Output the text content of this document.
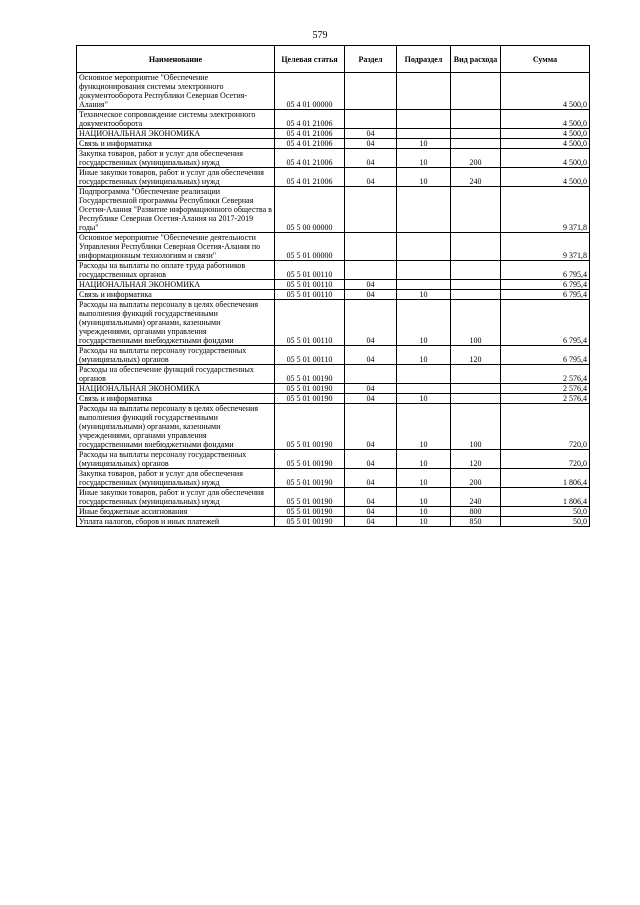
579
Наименование	Целевая статья	Раздел	Подраздел	Вид расхода	Сумма
Основное мероприятие "Обеспечение функционирования системы электронного документооборота Республики Северная Осетия-Алания"	05 4 01 00000				4 500,0
Техническое сопровождение системы электронного документооборота	05 4 01 21006				4 500,0
НАЦИОНАЛЬНАЯ ЭКОНОМИКА	05 4 01 21006	04			4 500,0
Связь и информатика	05 4 01 21006	04	10		4 500,0
Закупка товаров, работ и услуг для обеспечения государственных (муниципальных) нужд	05 4 01 21006	04	10	200	4 500,0
Иные закупки товаров, работ и услуг для обеспечения государственных (муниципальных) нужд	05 4 01 21006	04	10	240	4 500,0
Подпрограмма "Обеспечение реализации Государственной программы Республики Северная Осетия-Алания "Развитие информационного общества в Республике Северная Осетия-Алания на 2017-2019 годы"	05 5 00 00000				9 371,8
Основное мероприятие "Обеспечение деятельности Управления Республики Северная Осетия-Алания по информационным технологиям и связи"	05 5 01 00000				9 371,8
Расходы на выплаты по оплате труда работников государственных органов	05 5 01 00110				6 795,4
НАЦИОНАЛЬНАЯ ЭКОНОМИКА	05 5 01 00110	04			6 795,4
Связь и информатика	05 5 01 00110	04	10		6 795,4
Расходы на выплаты персоналу в целях обеспечения выполнения функций государственными (муниципальными) органами, казенными учреждениями, органами управления государственными внебюджетными фондами	05 5 01 00110	04	10	100	6 795,4
Расходы на выплаты персоналу государственных (муниципальных) органов	05 5 01 00110	04	10	120	6 795,4
Расходы на обеспечение функций государственных органов	05 5 01 00190				2 576,4
НАЦИОНАЛЬНАЯ ЭКОНОМИКА	05 5 01 00190	04			2 576,4
Связь и информатика	05 5 01 00190	04	10		2 576,4
Расходы на выплаты персоналу в целях обеспечения выполнения функций государственными (муниципальными) органами, казенными учреждениями, органами управления государственными внебюджетными фондами	05 5 01 00190	04	10	100	720,0
Расходы на выплаты персоналу государственных (муниципальных) органов	05 5 01 00190	04	10	120	720,0
Закупка товаров, работ и услуг для обеспечения государственных (муниципальных) нужд	05 5 01 00190	04	10	200	1 806,4
Иные закупки товаров, работ и услуг для обеспечения государственных (муниципальных) нужд	05 5 01 00190	04	10	240	1 806,4
Иные бюджетные ассигнования	05 5 01 00190	04	10	800	50,0
Уплата налогов, сборов и иных платежей	05 5 01 00190	04	10	850	50,0
